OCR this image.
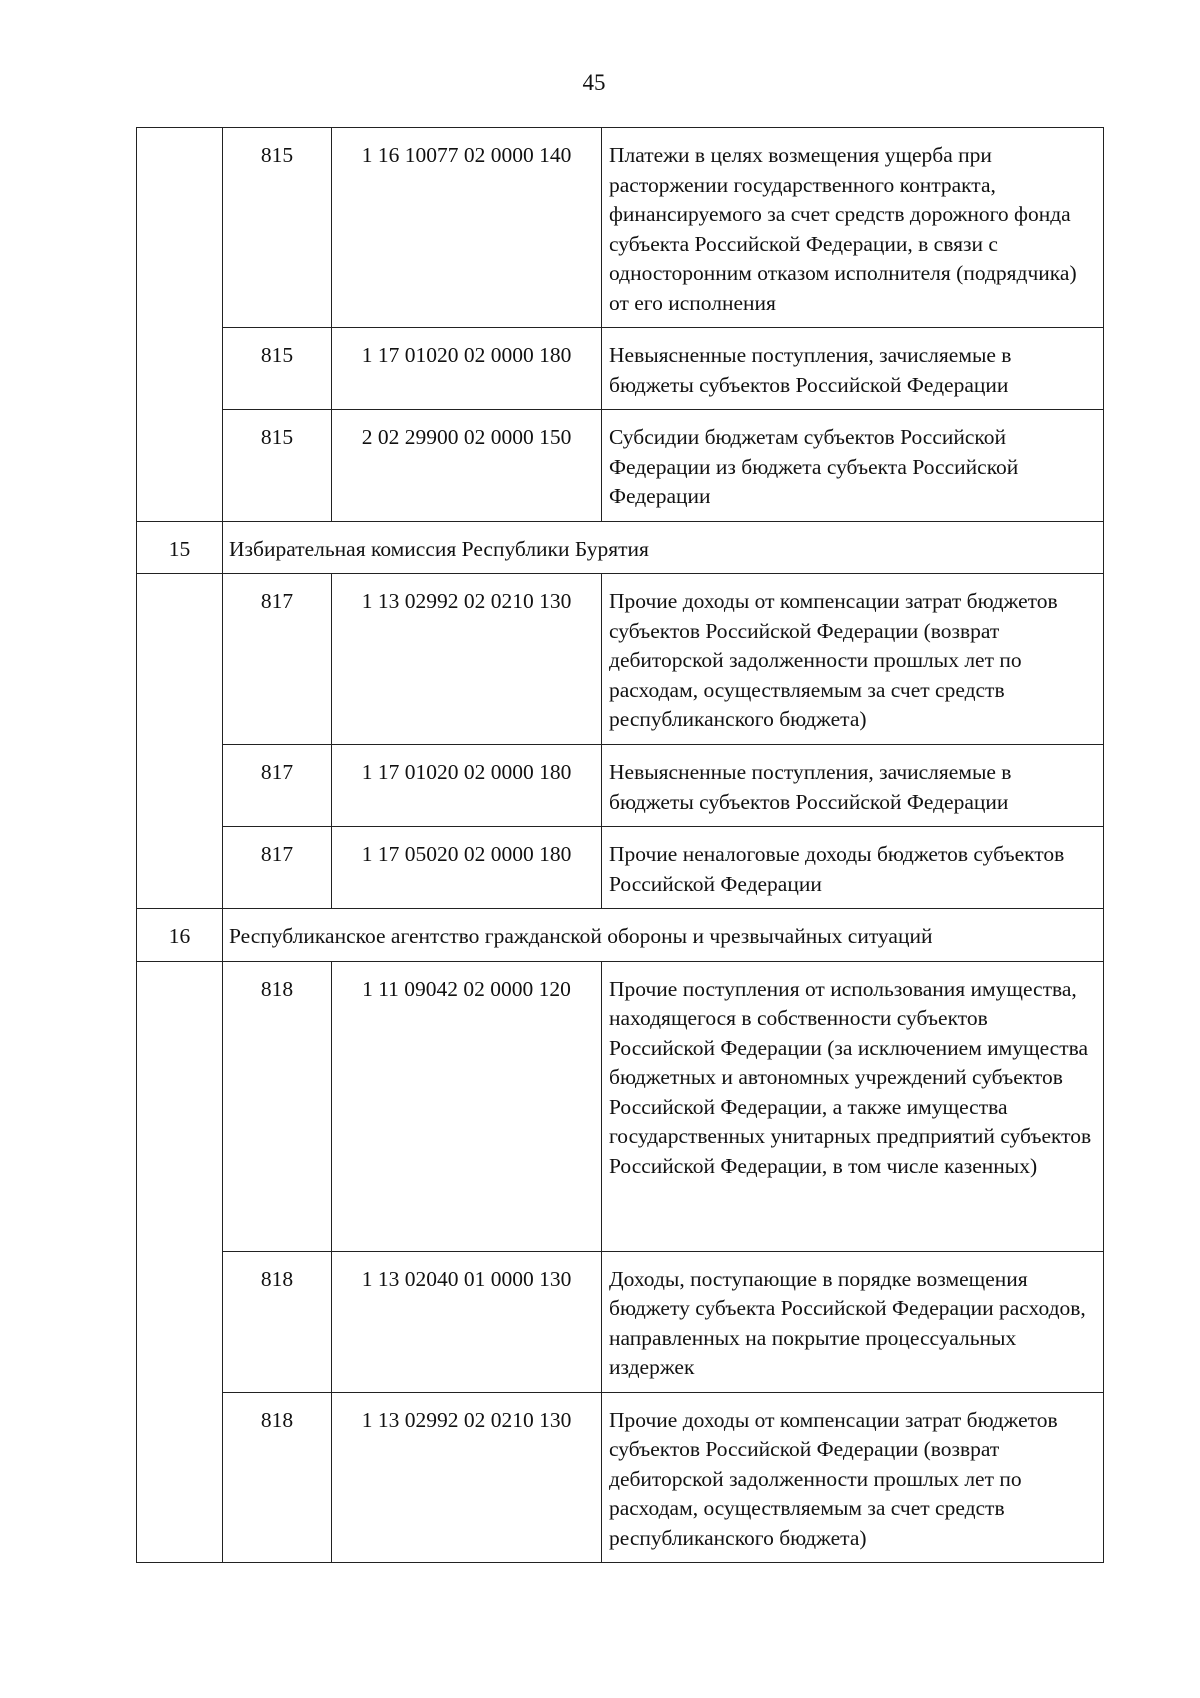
45
	815	1 16 10077 02 0000 140	Платежи в целях возмещения ущерба при расторжении государственного контракта, финансируемого за счет средств дорожного фонда субъекта Российской Федерации, в связи с односторонним отказом исполнителя (подрядчика) от его исполнения
	815	1 17 01020 02 0000 180	Невыясненные поступления, зачисляемые в бюджеты субъектов Российской Федерации
	815	2 02 29900 02 0000 150	Субсидии бюджетам субъектов Российской Федерации из бюджета субъекта Российской Федерации
15	Избирательная комиссия Республики Бурятия		
	817	1 13 02992 02 0210 130	Прочие доходы от компенсации затрат бюджетов субъектов Российской Федерации (возврат дебиторской задолженности прошлых лет по расходам, осуществляемым за счет средств республиканского бюджета)
	817	1 17 01020 02 0000 180	Невыясненные поступления, зачисляемые в бюджеты субъектов Российской Федерации
	817	1 17 05020 02 0000 180	Прочие неналоговые доходы бюджетов субъектов Российской Федерации
16	Республиканское агентство гражданской обороны и чрезвычайных ситуаций		
	818	1 11 09042 02 0000 120	Прочие поступления от использования имущества, находящегося в собственности субъектов Российской Федерации (за исключением имущества бюджетных и автономных учреждений субъектов Российской Федерации, а также имущества государственных унитарных предприятий субъектов Российской Федерации, в том числе казенных)
	818	1 13 02040 01 0000 130	Доходы, поступающие в порядке возмещения бюджету субъекта Российской Федерации расходов, направленных на покрытие процессуальных издержек
	818	1 13 02992 02 0210 130	Прочие доходы от компенсации затрат бюджетов субъектов Российской Федерации (возврат дебиторской задолженности прошлых лет по расходам, осуществляемым за счет средств республиканского бюджета)
